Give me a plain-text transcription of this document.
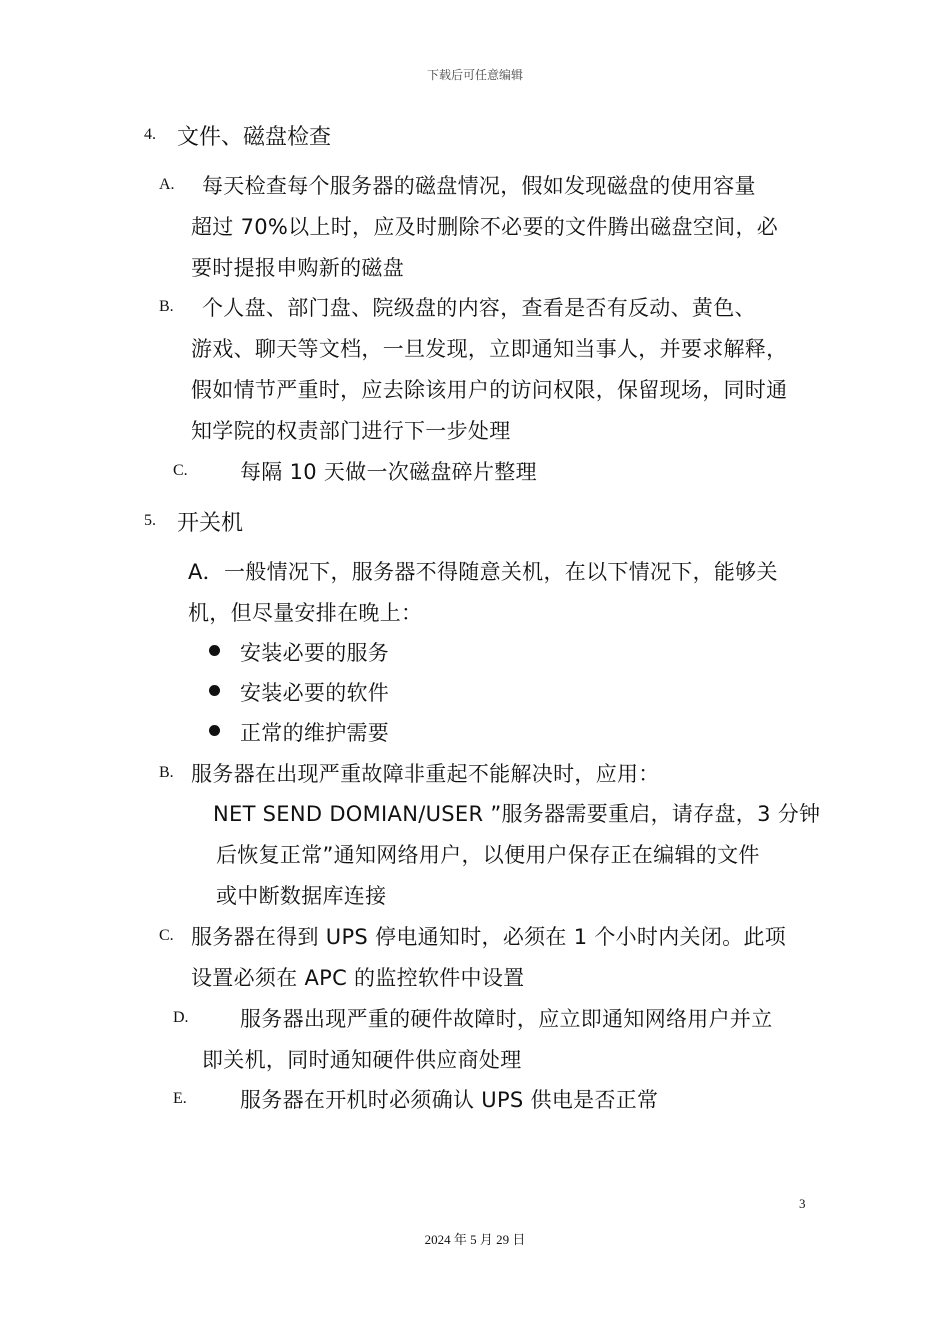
下载后可任意编辑
4. 文件、磁盘检查
A. 每天检查每个服务器的磁盘情况，假如发现磁盘的使用容量
超过 70%以上时，应及时删除不必要的文件腾出磁盘空间，必
要时提报申购新的磁盘
B. 个人盘、部门盘、院级盘的内容，查看是否有反动、黄色、
游戏、聊天等文档，一旦发现，立即通知当事人，并要求解释，
假如情节严重时，应去除该用户的访问权限，保留现场，同时通
知学院的权责部门进行下一步处理
C. 每隔 10 天做一次磁盘碎片整理
5. 开关机
A．一般情况下，服务器不得随意关机，在以下情况下，能够关
机，但尽量安排在晚上：
安装必要的服务
安装必要的软件
正常的维护需要
B. 服务器在出现严重故障非重起不能解决时，应用：
NET SEND DOMIAN/USER ”服务器需要重启，请存盘，3 分钟
后恢复正常”通知网络用户，以便用户保存正在编辑的文件
或中断数据库连接
C. 服务器在得到 UPS 停电通知时，必须在 1 个小时内关闭。此项
设置必须在 APC 的监控软件中设置
D. 服务器出现严重的硬件故障时，应立即通知网络用户并立
即关机，同时通知硬件供应商处理
E.	服务器在开机时必须确认 UPS 供电是否正常
3
2024 年 5 月 29 日
